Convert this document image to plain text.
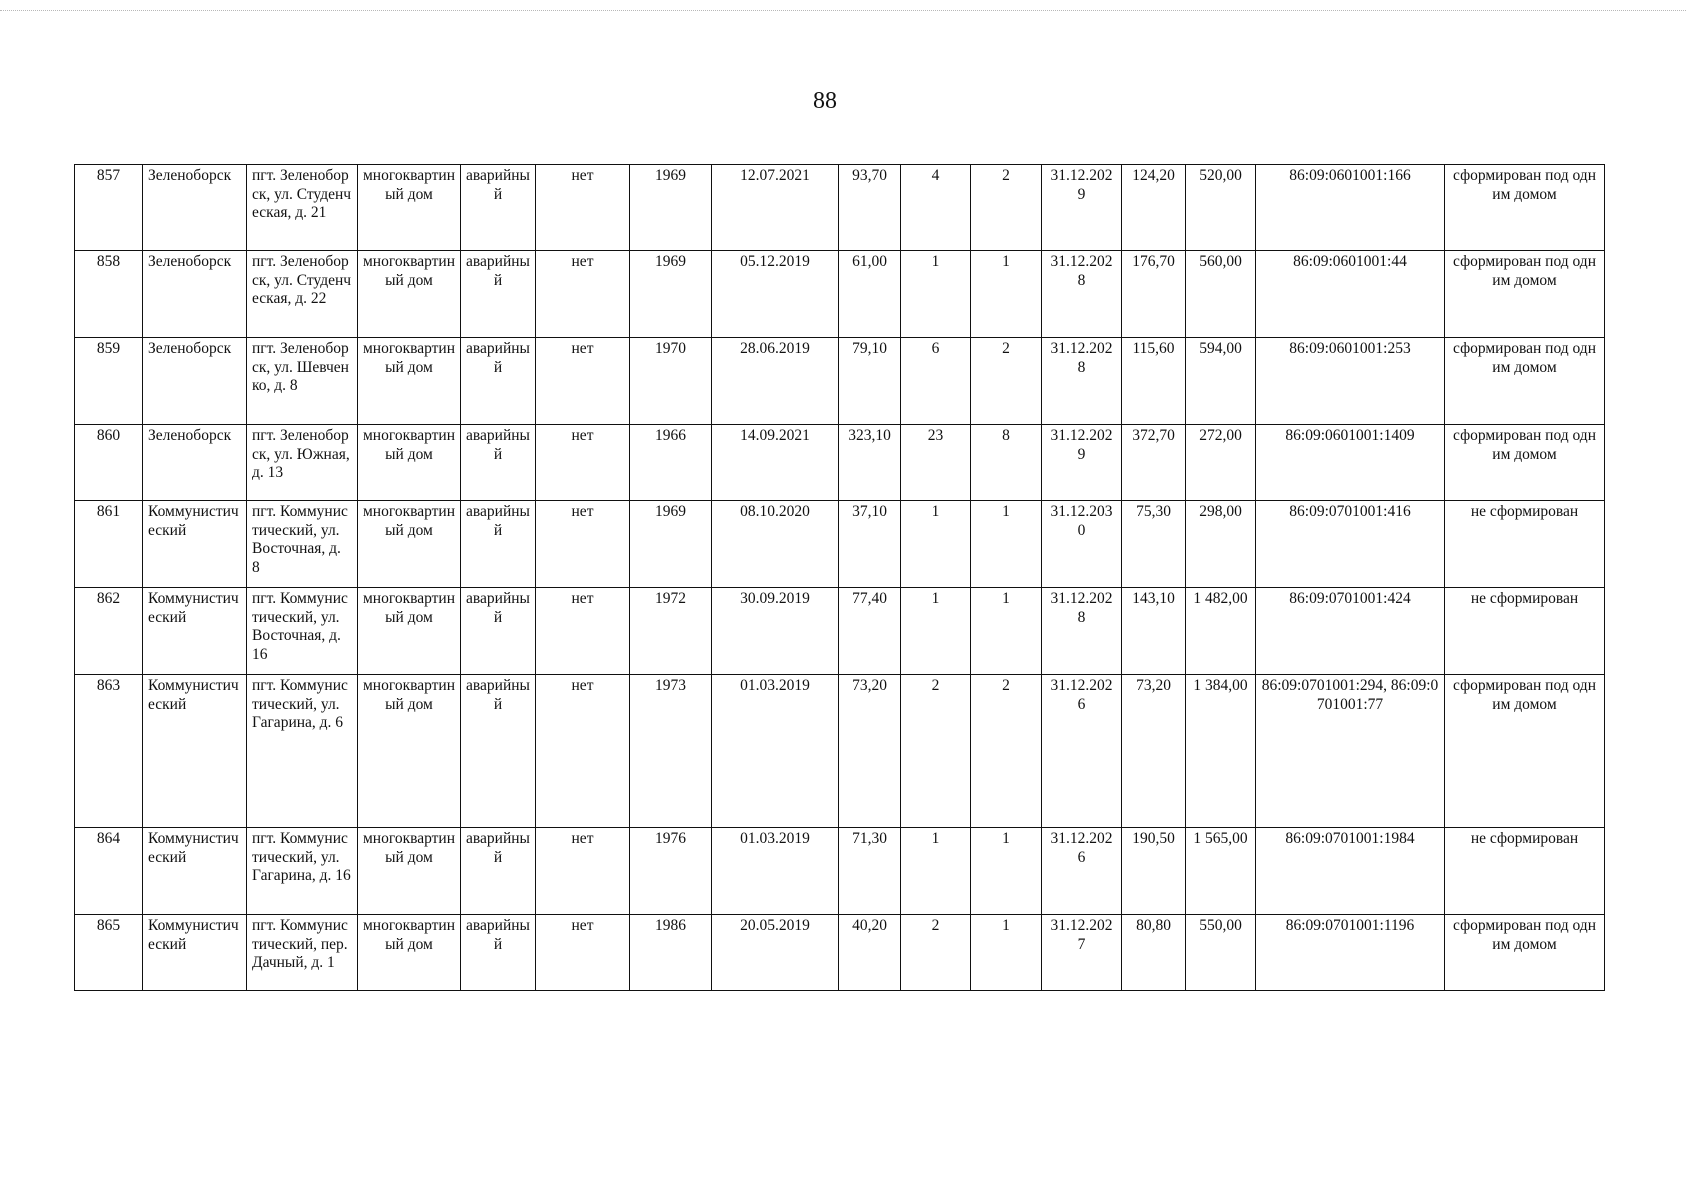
88
857	Зеленоборск	пгт. Зеленоборск, ул. Студенческая, д. 21	многоквартиный дом	аварийный	нет	1969	12.07.2021	93,70	4	2	31.12.2029	124,20	520,00	86:09:0601001:166	сформирован под одним домом
858	Зеленоборск	пгт. Зеленоборск, ул. Студенческая, д. 22	многоквартиный дом	аварийный	нет	1969	05.12.2019	61,00	1	1	31.12.2028	176,70	560,00	86:09:0601001:44	сформирован под одним домом
859	Зеленоборск	пгт. Зеленоборск, ул. Шевченко, д. 8	многоквартиный дом	аварийный	нет	1970	28.06.2019	79,10	6	2	31.12.2028	115,60	594,00	86:09:0601001:253	сформирован под одним домом
860	Зеленоборск	пгт. Зеленоборск, ул. Южная, д. 13	многоквартиный дом	аварийный	нет	1966	14.09.2021	323,10	23	8	31.12.2029	372,70	272,00	86:09:0601001:1409	сформирован под одним домом
861	Коммунистический	пгт. Коммунистический, ул. Восточная, д. 8	многоквартиный дом	аварийный	нет	1969	08.10.2020	37,10	1	1	31.12.2030	75,30	298,00	86:09:0701001:416	не сформирован
862	Коммунистический	пгт. Коммунистический, ул. Восточная, д. 16	многоквартиный дом	аварийный	нет	1972	30.09.2019	77,40	1	1	31.12.2028	143,10	1 482,00	86:09:0701001:424	не сформирован
863	Коммунистический	пгт. Коммунистический, ул. Гагарина, д. 6	многоквартиный дом	аварийный	нет	1973	01.03.2019	73,20	2	2	31.12.2026	73,20	1 384,00	86:09:0701001:294, 86:09:0701001:77	сформирован под одним домом
864	Коммунистический	пгт. Коммунистический, ул. Гагарина, д. 16	многоквартиный дом	аварийный	нет	1976	01.03.2019	71,30	1	1	31.12.2026	190,50	1 565,00	86:09:0701001:1984	не сформирован
865	Коммунистический	пгт. Коммунистический, пер. Дачный, д. 1	многоквартиный дом	аварийный	нет	1986	20.05.2019	40,20	2	1	31.12.2027	80,80	550,00	86:09:0701001:1196	сформирован под одним домом
